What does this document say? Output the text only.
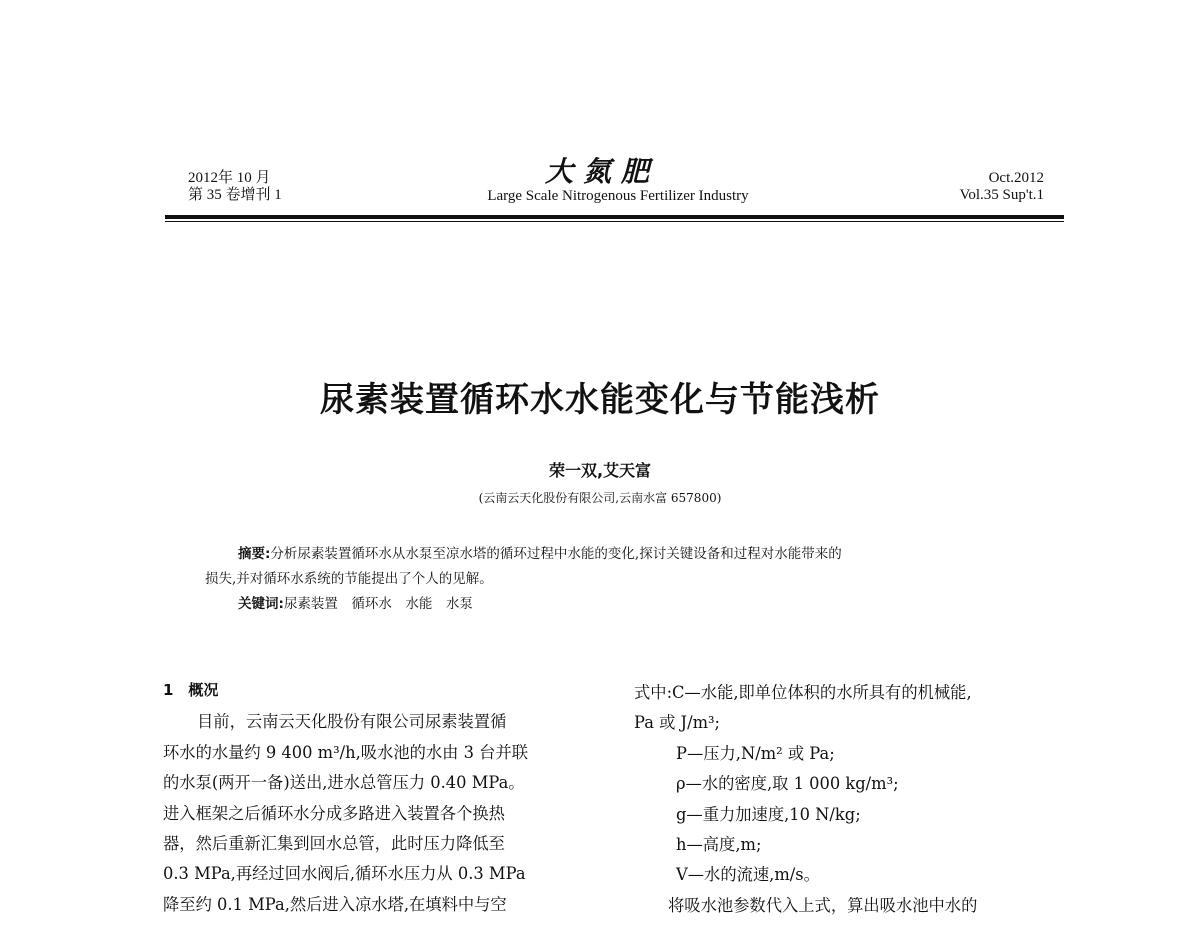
2012年 10 月
第 35 卷增刊 1
大氮肥
Large Scale Nitrogenous Fertilizer Industry
Oct.2012
Vol.35 Sup't.1
尿素装置循环水水能变化与节能浅析
荣一双,艾天富
(云南云天化股份有限公司,云南水富 657800)
摘要:分析尿素装置循环水从水泵至凉水塔的循环过程中水能的变化,探讨关键设备和过程对水能带来的
损失,并对循环水系统的节能提出了个人的见解。
关键词:尿素装置　循环水　水能　水泵

1　概况

目前，云南云天化股份有限公司尿素装置循

环水的水量约 9 400 m³/h,吸水池的水由 3 台并联

的水泵(两开一备)送出,进水总管压力 0.40 MPa。

进入框架之后循环水分成多路进入装置各个换热

器，然后重新汇集到回水总管，此时压力降低至

0.3 MPa,再经过回水阀后,循环水压力从 0.3 MPa

降至约 0.1 MPa,然后进入凉水塔,在填料中与空

式中:C—水能,即单位体积的水所具有的机械能,

Pa 或 J/m³;

P—压力,N/m² 或 Pa;

ρ—水的密度,取 1 000 kg/m³;

g—重力加速度,10 N/kg;

h—高度,m;

V—水的流速,m/s。

将吸水池参数代入上式，算出吸水池中水的
